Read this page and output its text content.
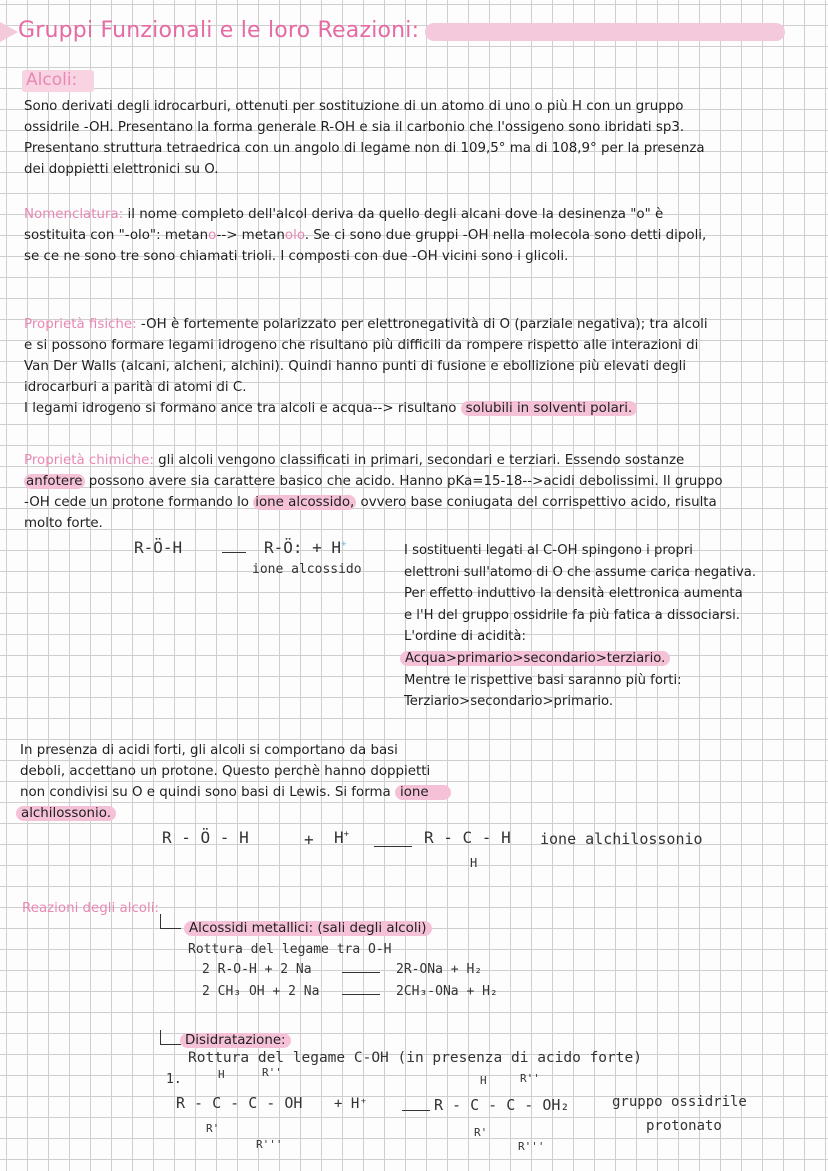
Gruppi Funzionali e le loro Reazioni:
Alcoli:
Sono derivati degli idrocarburi, ottenuti per sostituzione di un atomo di uno o più H con un gruppo
ossidrile -OH. Presentano la forma generale R-OH e sia il carbonio che l'ossigeno sono ibridati sp3.
Presentano struttura tetraedrica con un angolo di legame non di 109,5° ma di 108,9° per la presenza
dei doppietti elettronici su O.
Nomenclatura: il nome completo dell'alcol deriva da quello degli alcani dove la desinenza "o" è
sostituita con "-olo": metano--> metanolo. Se ci sono due gruppi -OH nella molecola sono detti dipoli,
se ce ne sono tre sono chiamati trioli. I composti con due -OH vicini sono i glicoli.
Proprietà fisiche: -OH è fortemente polarizzato per elettronegatività di O (parziale negativa); tra alcoli
e si possono formare legami idrogeno che risultano più difficili da rompere rispetto alle interazioni di
Van Der Walls (alcani, alcheni, alchini). Quindi hanno punti di fusione e ebollizione più elevati degli
idrocarburi a parità di atomi di C.
I legami idrogeno si formano ance tra alcoli e acqua--> risultano solubili in solventi polari.
Proprietà chimiche: gli alcoli vengono classificati in primari, secondari e terziari. Essendo sostanze
anfotere possono avere sia carattere basico che acido. Hanno pKa=15-18-->acidi debolissimi. Il gruppo
-OH cede un protone formando lo ione alcossido, ovvero base coniugata del corrispettivo acido, risulta
molto forte.
R-Ö-H	R-Ö: + H+
ione alcossido
I sostituenti legati al C-OH spingono i propri
elettroni sull'atomo di O che assume carica negativa.
Per effetto induttivo la densità elettronica aumenta
e l'H del gruppo ossidrile fa più fatica a dissociarsi.
L'ordine di acidità:
Acqua>primario>secondario>terziario.
Mentre le rispettive basi saranno più forti:
Terziario>secondario>primario.
In presenza di acidi forti, gli alcoli si comportano da basi
deboli, accettano un protone. Questo perchè hanno doppietti
non condivisi su O e quindi sono basi di Lewis. Si forma ione
alchilossonio.
R - Ö - H	+ H+	R - C - H
H
ione alchilossonio
Reazioni degli alcoli:
Alcossidi metallici: (sali degli alcoli)
Rottura del legame tra O-H
2 R-O-H + 2 Na	2R-ONa + H₂
2 CH₃ OH + 2 Na	2CH₃-ONa + H₂
Disidratazione:
Rottura del legame C-OH (in presenza di acido forte)
1.	H	R''
R - C - C - OH
R'
R'''
+ H⁺
H	R''
R - C - C - OH₂
R'
R'''
gruppo ossidrile
protonato
